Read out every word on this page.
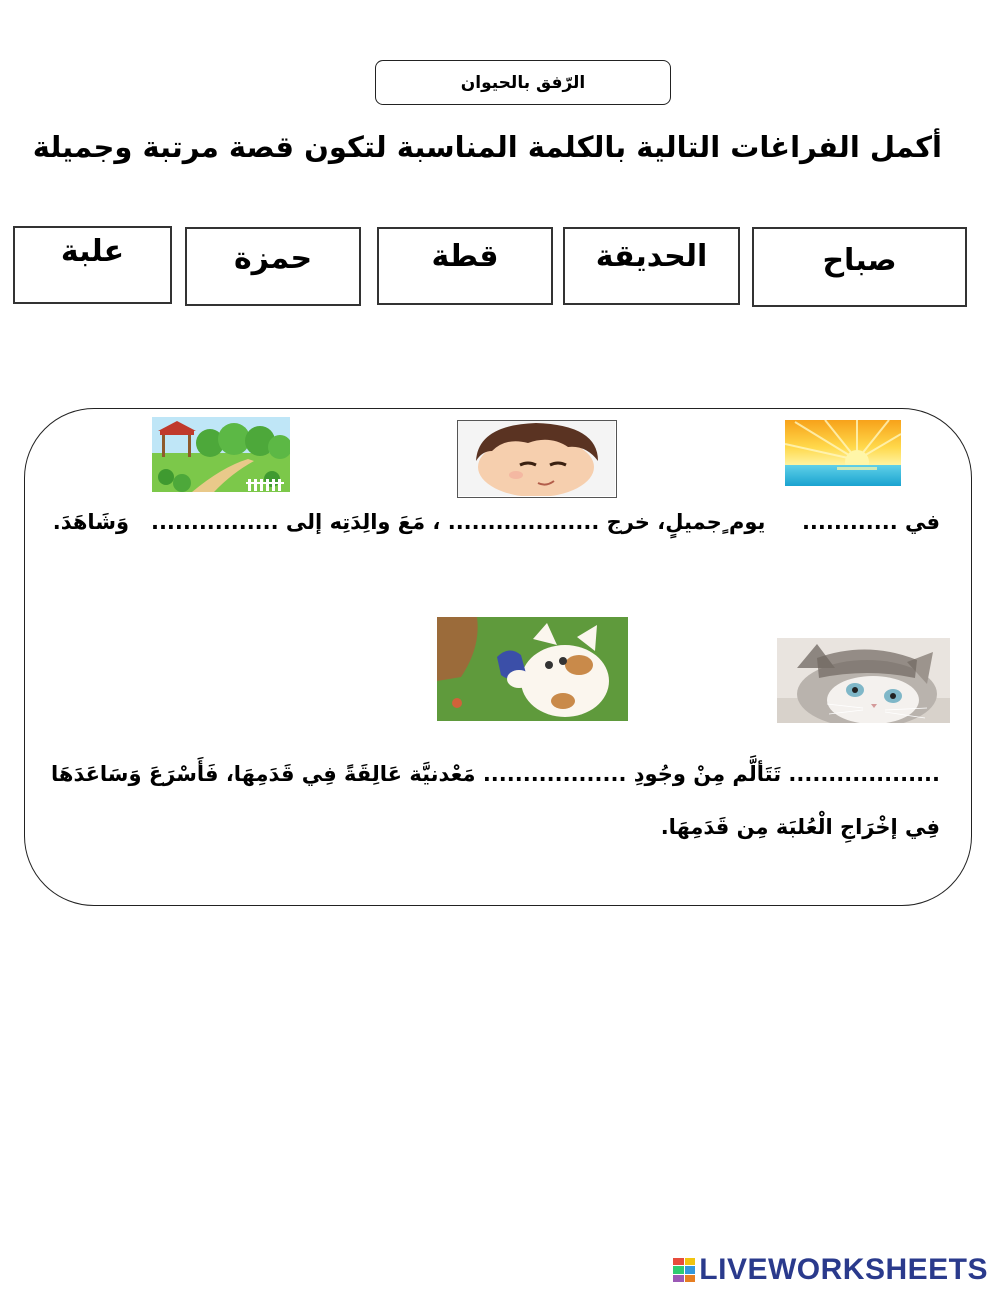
الرّفق بالحيوان
أكمل الفراغات التالية بالكلمة المناسبة لتكون قصة مرتبة وجميلة
صباح
الحديقة
قطة
حمزة
علبة
في ............     يوم ٍجميلٍ، خرج ................... ، مَعَ والِدَتِه إلى ................   وَشَاهَدَ.
................... تَتَألَّم مِنْ وجُودِ .................. مَعْدنيَّة عَالِقَةً فِي قَدَمِهَا، فَأَسْرَعَ وَسَاعَدَهَا
فِي إخْرَاجِ الْعُلبَة مِن قَدَمِهَا.
LIVEWORKSHEETS
